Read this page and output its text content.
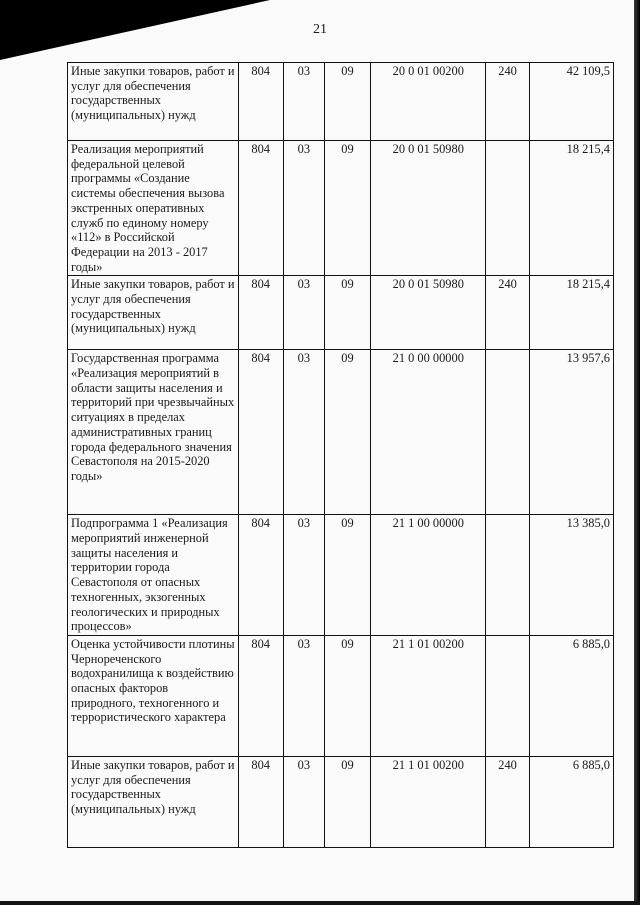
21
Иные закупки товаров, работ и услуг для обеспечения государственных (муниципальных) нужд	804	03	09	20 0 01 00200	240	42 109,5
Реализация мероприятий федеральной целевой программы «Создание системы обеспечения вызова экстренных оперативных служб по единому номеру «112» в Российской Федерации на 2013 - 2017 годы»	804	03	09	20 0 01 50980		18 215,4
Иные закупки товаров, работ и услуг для обеспечения государственных (муниципальных) нужд	804	03	09	20 0 01 50980	240	18 215,4
Государственная программа «Реализация мероприятий в области защиты населения и территорий при чрезвычайных ситуациях в пределах административных границ города федерального значения Севастополя на 2015-2020 годы»	804	03	09	21 0 00 00000		13 957,6
Подпрограмма 1 «Реализация мероприятий инженерной защиты населения и территории города Севастополя от опасных техногенных, экзогенных геологических и природных процессов»	804	03	09	21 1 00 00000		13 385,0
Оценка устойчивости плотины Чернореченского водохранилища к воздействию опасных факторов природного, техногенного и террористического характера	804	03	09	21 1 01 00200		6 885,0
Иные закупки товаров, работ и услуг для обеспечения государственных (муниципальных) нужд	804	03	09	21 1 01 00200	240	6 885,0
